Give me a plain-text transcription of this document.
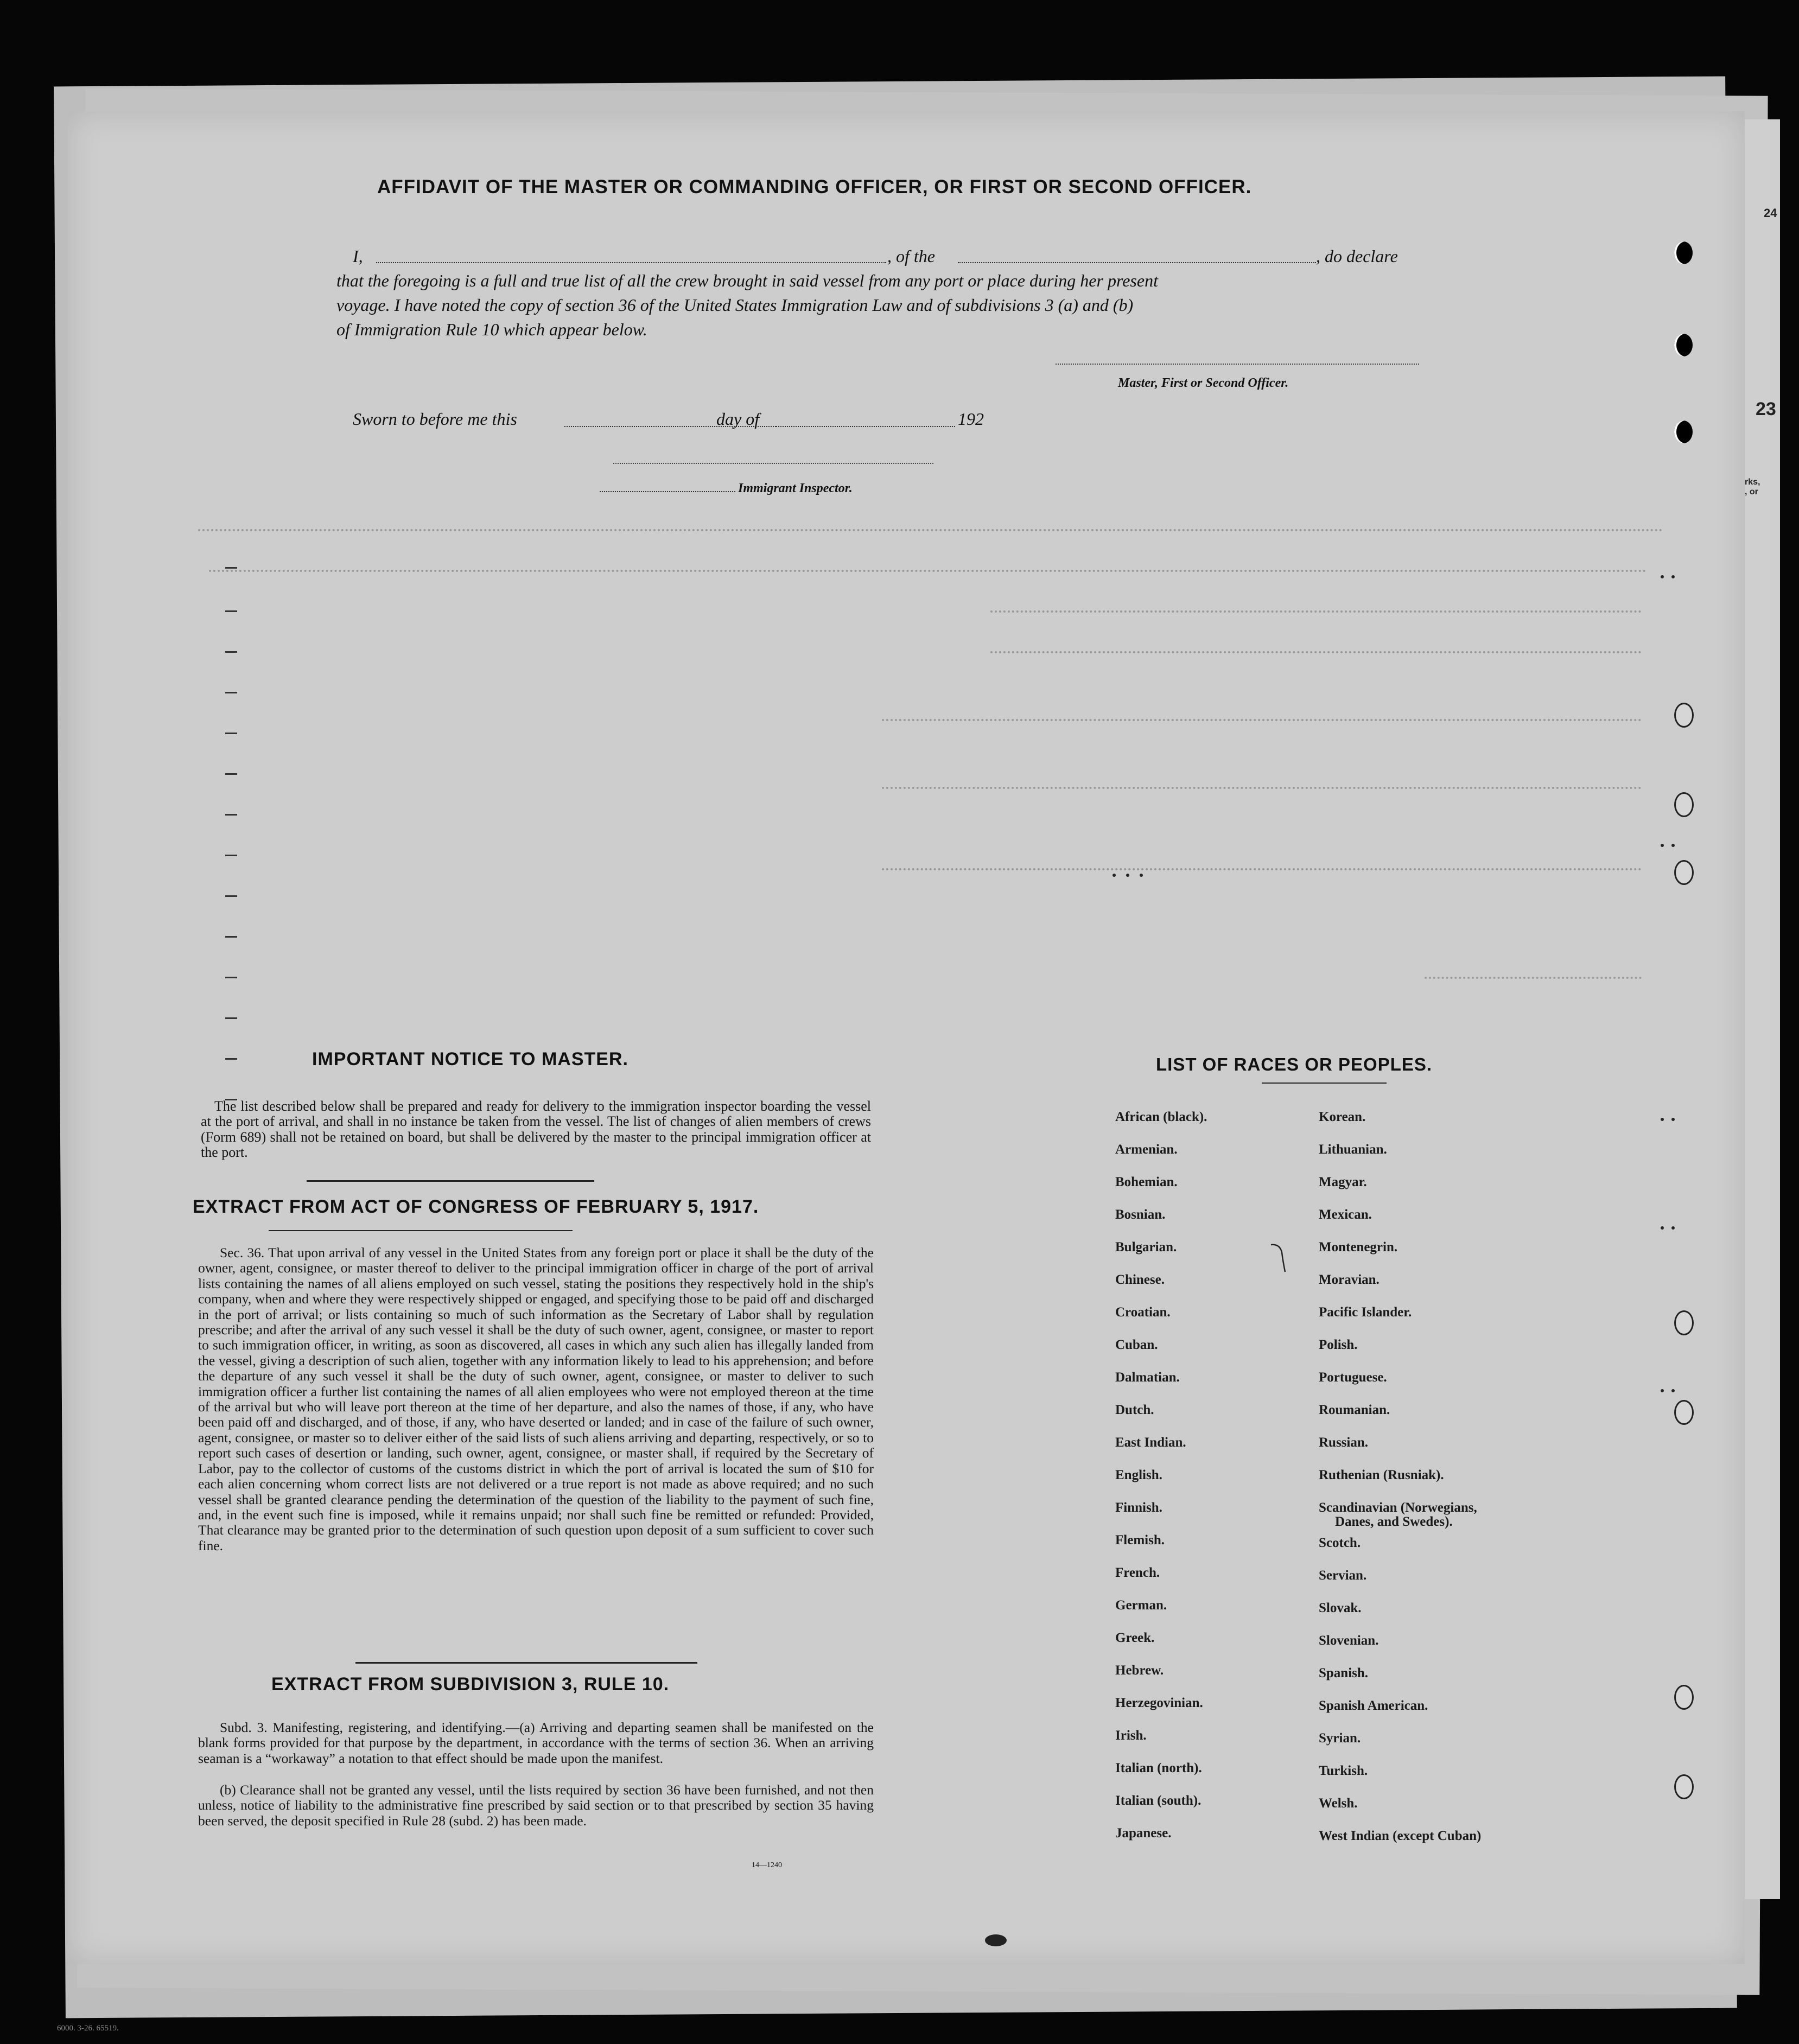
24
23
rks,
, or
6000. 3-26. 65519.
AFFIDAVIT OF THE MASTER OR COMMANDING OFFICER, OR FIRST OR SECOND OFFICER.
I,	, of the	, do declare
that the foregoing is a full and true list of all the crew brought in said vessel from any port or place during her present
voyage. I have noted the copy of section 36 of the United States Immigration Law and of subdivisions 3 (a) and (b)
of Immigration Rule 10 which appear below.
Master, First or Second Officer.
Sworn to before me this	day of	192
Immigrant Inspector.
IMPORTANT NOTICE TO MASTER.
The list described below shall be prepared and ready for delivery to the immigration inspector boarding the vessel at the port of arrival, and shall in no instance be taken from the vessel. The list of changes of alien members of crews (Form 689) shall not be retained on board, but shall be delivered by the master to the principal immigration officer at the port.
EXTRACT FROM ACT OF CONGRESS OF FEBRUARY 5, 1917.
Sec. 36. That upon arrival of any vessel in the United States from any foreign port or place it shall be the duty of the owner, agent, consignee, or master thereof to deliver to the principal immigration officer in charge of the port of arrival lists containing the names of all aliens employed on such vessel, stating the positions they respectively hold in the ship's company, when and where they were respectively shipped or engaged, and specifying those to be paid off and discharged in the port of arrival; or lists containing so much of such information as the Secretary of Labor shall by regulation prescribe; and after the arrival of any such vessel it shall be the duty of such owner, agent, consignee, or master to report to such immigration officer, in writing, as soon as discovered, all cases in which any such alien has illegally landed from the vessel, giving a description of such alien, together with any information likely to lead to his apprehension; and before the departure of any such vessel it shall be the duty of such owner, agent, consignee, or master to deliver to such immigration officer a further list containing the names of all alien employees who were not employed thereon at the time of the arrival but who will leave port thereon at the time of her departure, and also the names of those, if any, who have been paid off and discharged, and of those, if any, who have deserted or landed; and in case of the failure of such owner, agent, consignee, or master so to deliver either of the said lists of such aliens arriving and departing, respectively, or so to report such cases of desertion or landing, such owner, agent, consignee, or master shall, if required by the Secretary of Labor, pay to the collector of customs of the customs district in which the port of arrival is located the sum of $10 for each alien concerning whom correct lists are not delivered or a true report is not made as above required; and no such vessel shall be granted clearance pending the determination of the question of the liability to the payment of such fine, and, in the event such fine is imposed, while it remains unpaid; nor shall such fine be remitted or refunded: Provided, That clearance may be granted prior to the determination of such question upon deposit of a sum sufficient to cover such fine.
EXTRACT FROM SUBDIVISION 3, RULE 10.
Subd. 3. Manifesting, registering, and identifying.—(a) Arriving and departing seamen shall be manifested on the blank forms provided for that purpose by the department, in accordance with the terms of section 36. When an arriving seaman is a “workaway” a notation to that effect should be made upon the manifest.
(b) Clearance shall not be granted any vessel, until the lists required by section 36 have been furnished, and not then unless, notice of liability to the administrative fine prescribed by said section or to that prescribed by section 35 having been served, the deposit specified in Rule 28 (subd. 2) has been made.
14—1240
LIST OF RACES OR PEOPLES.
African (black).
Armenian.
Bohemian.
Bosnian.
Bulgarian.
Chinese.
Croatian.
Cuban.
Dalmatian.
Dutch.
East Indian.
English.
Finnish.
Flemish.
French.
German.
Greek.
Hebrew.
Herzegovinian.
Irish.
Italian (north).
Italian (south).
Japanese.
Korean.
Lithuanian.
Magyar.
Mexican.
Montenegrin.
Moravian.
Pacific Islander.
Polish.
Portuguese.
Roumanian.
Russian.
Ruthenian (Rusniak).
Scandinavian (Norwegians,
Danes, and Swedes).
Scotch.
Servian.
Slovak.
Slovenian.
Spanish.
Spanish American.
Syrian.
Turkish.
Welsh.
West Indian (except Cuban)
